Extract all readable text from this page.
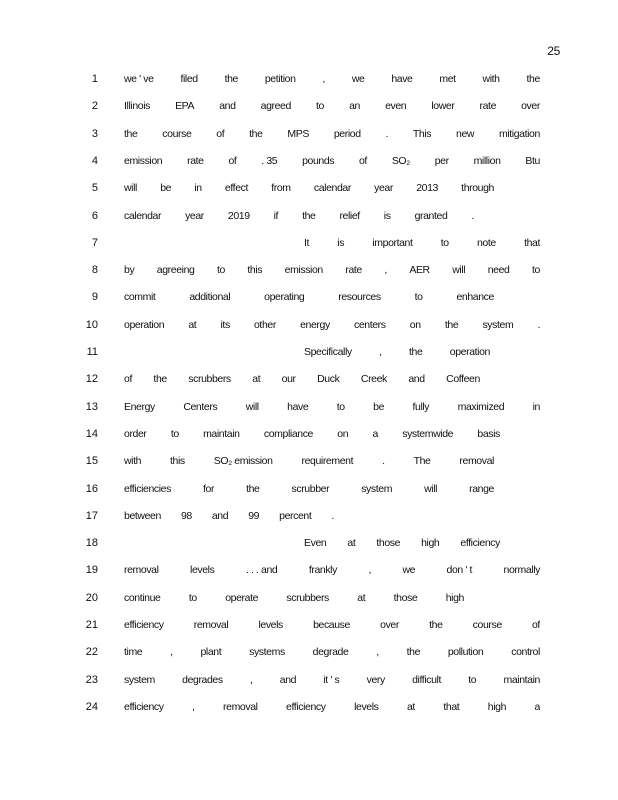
25
1 we ' ve	filed	the	petition	,	we	have	met	with	the
2 Illinois EPA and agreed to an even lower rate over
3 the course of the MPS period . This new mitigation
4 emission rate of . 35 pounds of SO₂ per million Btu
5 will be in effect from calendar year 2013 through
6 calendar year 2019 if the relief is granted .
7	It	is	important	to	note	that
8 by agreeing to this emission rate , AER will need to
9 commit	additional	operating	resources	to	enhance
10 operation at its other energy centers on the system .
11	Specifically	,	the	operation
12 of the scrubbers at our Duck Creek and Coffeen
13 Energy	Centers	will	have	to	be	fully	maximized	in
14 order to maintain compliance on a systemwide basis
15 with	this	SO₂ emission	requirement	.	The	removal
16 efficiencies	for	the	scrubber	system	will	range
17 between 98 and 99 percent .
18	Even at those high efficiency
19 removal	levels	. . . and	frankly	,	we	don ' t	normally
20 continue	to	operate	scrubbers	at	those	high
21 efficiency	removal	levels	because	over	the	course	of
22 time	,	plant	systems	degrade	,	the	pollution	control
23 system	degrades	,	and	it ' s	very	difficult	to	maintain
24 efficiency	,	removal	efficiency	levels	at	that	high	a
